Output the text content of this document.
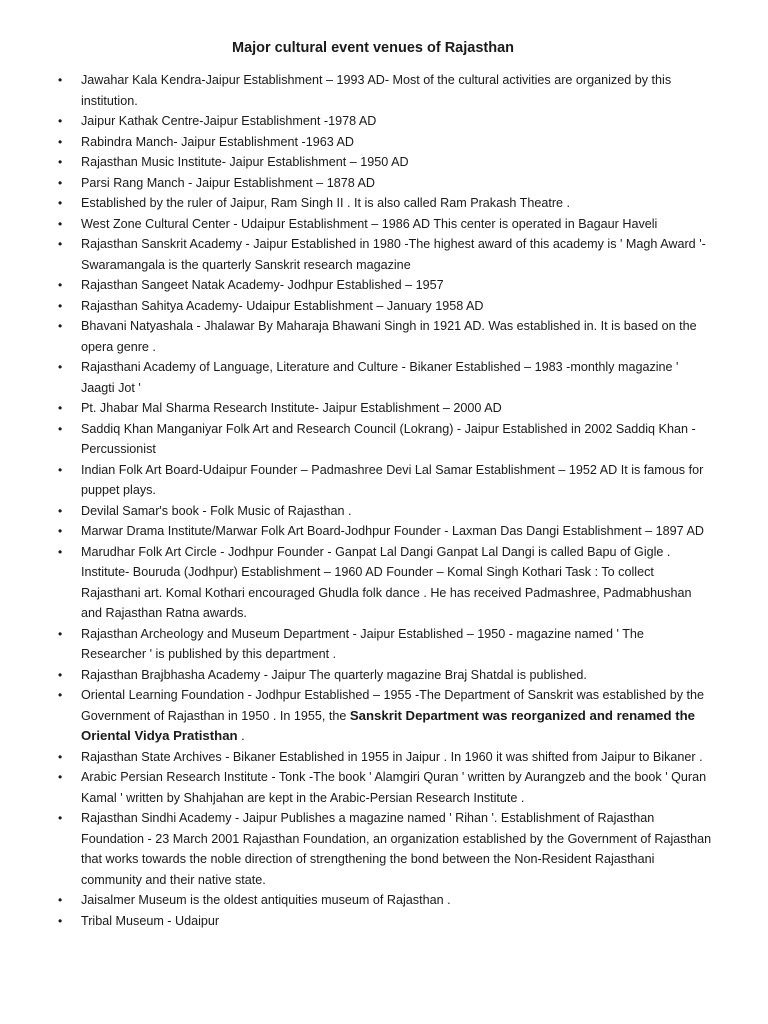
Major cultural event venues of Rajasthan
• Jawahar Kala Kendra-Jaipur Establishment – 1993 AD- Most of the cultural activities are organized by this institution.
• Jaipur Kathak Centre-Jaipur Establishment -1978 AD
• Rabindra Manch- Jaipur Establishment -1963 AD
• Rajasthan Music Institute- Jaipur Establishment – 1950 AD
• Parsi Rang Manch - Jaipur Establishment – 1878 AD
• Established by the ruler of Jaipur, Ram Singh II . It is also called Ram Prakash Theatre .
• West Zone Cultural Center - Udaipur Establishment – 1986 AD This center is operated in Bagaur Haveli
• Rajasthan Sanskrit Academy - Jaipur Established in 1980 -The highest award of this academy is ' Magh Award '-Swaramangala is the quarterly Sanskrit research magazine
• Rajasthan Sangeet Natak Academy- Jodhpur Established – 1957
• Rajasthan Sahitya Academy- Udaipur Establishment – January 1958 AD
• Bhavani Natyashala - Jhalawar By Maharaja Bhawani Singh in 1921 AD. Was established in. It is based on the opera genre .
• Rajasthani Academy of Language, Literature and Culture - Bikaner Established – 1983 -monthly magazine ' Jaagti Jot '
• Pt. Jhabar Mal Sharma Research Institute- Jaipur Establishment – 2000 AD
• Saddiq Khan Manganiyar Folk Art and Research Council (Lokrang) - Jaipur Established in 2002 Saddiq Khan - Percussionist
• Indian Folk Art Board-Udaipur Founder – Padmashree Devi Lal Samar Establishment – 1952 AD It is famous for puppet plays.
• Devilal Samar's book - Folk Music of Rajasthan .
• Marwar Drama Institute/Marwar Folk Art Board-Jodhpur Founder - Laxman Das Dangi Establishment – 1897 AD
• Marudhar Folk Art Circle - Jodhpur Founder - Ganpat Lal Dangi Ganpat Lal Dangi is called Bapu of Gigle . Institute- Bouruda (Jodhpur) Establishment – 1960 AD Founder – Komal Singh Kothari Task : To collect Rajasthani art. Komal Kothari encouraged Ghudla folk dance . He has received Padmashree, Padmabhushan and Rajasthan Ratna awards.
• Rajasthan Archeology and Museum Department - Jaipur Established – 1950 - magazine named ' The Researcher ' is published by this department .
• Rajasthan Brajbhasha Academy - Jaipur The quarterly magazine Braj Shatdal is published.
• Oriental Learning Foundation - Jodhpur Established – 1955 -The Department of Sanskrit was established by the Government of Rajasthan in 1950 . In 1955, the Sanskrit Department was reorganized and renamed the Oriental Vidya Pratisthan .
• Rajasthan State Archives - Bikaner Established in 1955 in Jaipur . In 1960 it was shifted from Jaipur to Bikaner .
• Arabic Persian Research Institute - Tonk -The book ' Alamgiri Quran ' written by Aurangzeb and the book ' Quran Kamal ' written by Shahjahan are kept in the Arabic-Persian Research Institute .
• Rajasthan Sindhi Academy - Jaipur Publishes a magazine named ' Rihan '. Establishment of Rajasthan Foundation - 23 March 2001 Rajasthan Foundation, an organization established by the Government of Rajasthan that works towards the noble direction of strengthening the bond between the Non-Resident Rajasthani community and their native state.
• Jaisalmer Museum is the oldest antiquities museum of Rajasthan .
• Tribal Museum - Udaipur
